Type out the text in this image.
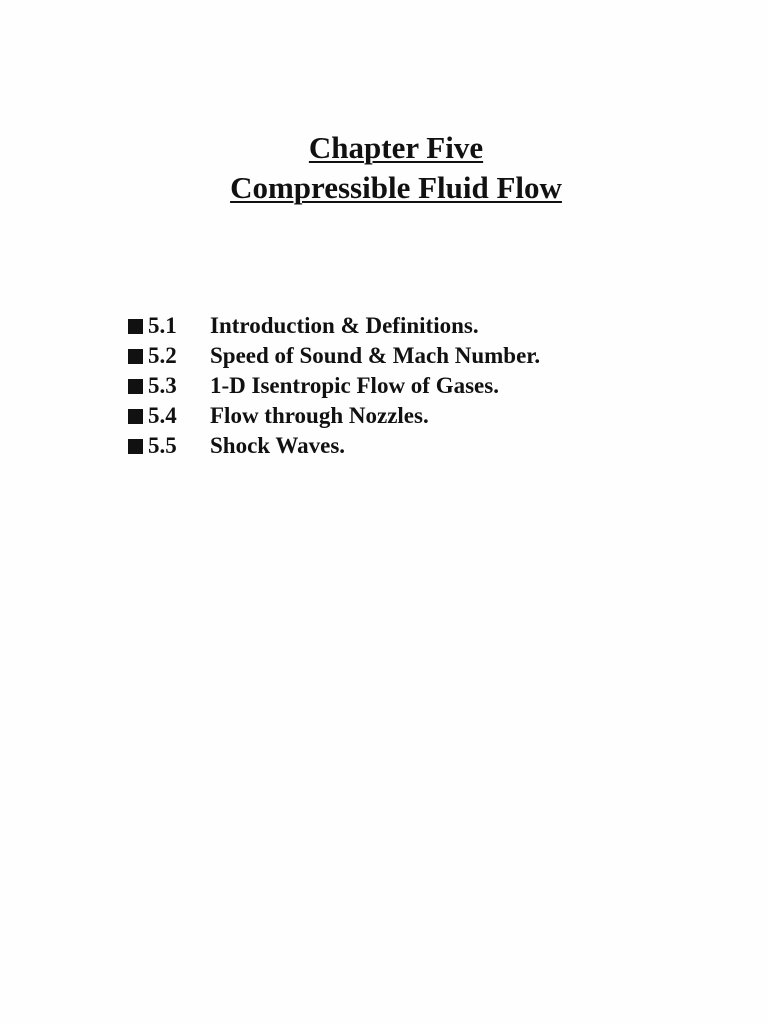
Chapter Five
Compressible Fluid Flow
5.1	Introduction & Definitions.
5.2	Speed of Sound & Mach Number.
5.3	1-D Isentropic Flow of Gases.
5.4	Flow through Nozzles.
5.5	Shock Waves.
